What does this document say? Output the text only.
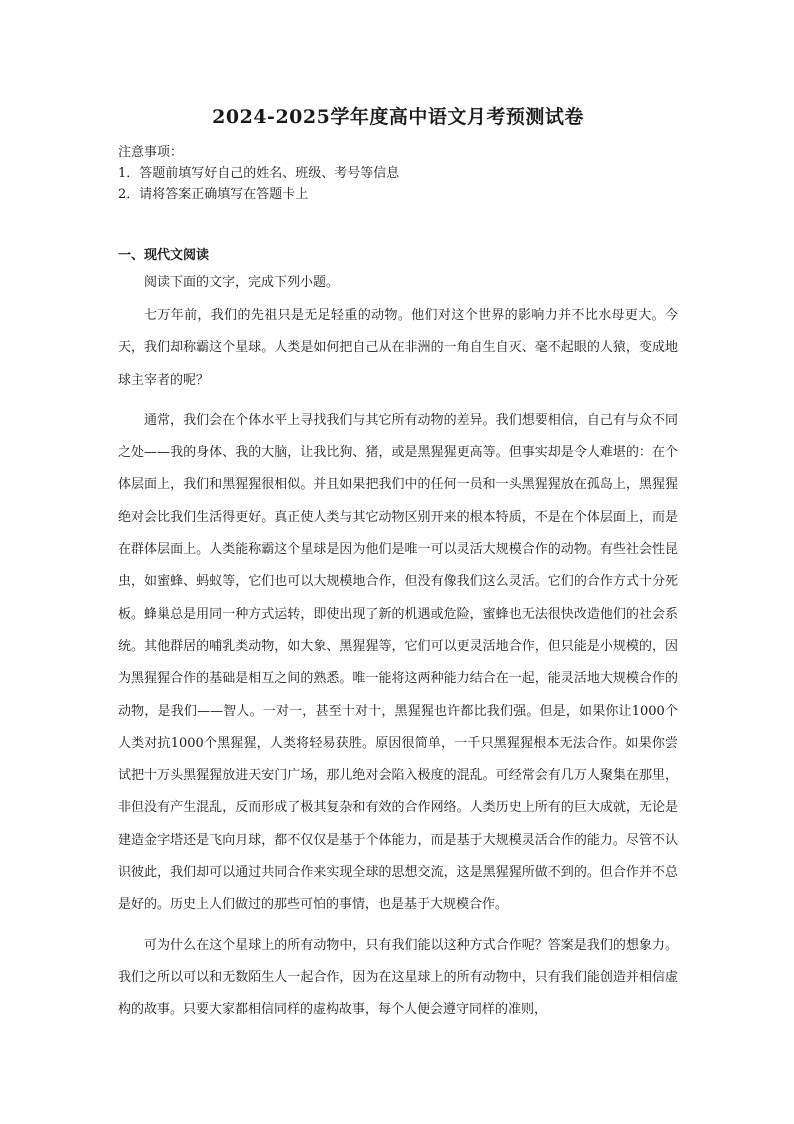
2024-2025学年度高中语文月考预测试卷

注意事项：

1．答题前填写好自己的姓名、班级、考号等信息

2．请将答案正确填写在答题卡上

一、现代文阅读

阅读下面的文字，完成下列小题。

七万年前，我们的先祖只是无足轻重的动物。他们对这个世界的影响力并不比水母更大。今天，我们却称霸这个星球。人类是如何把自己从在非洲的一角自生自灭、毫不起眼的人猿，变成地球主宰者的呢？

通常，我们会在个体水平上寻找我们与其它所有动物的差异。我们想要相信，自己有与众不同之处——我的身体、我的大脑，让我比狗、猪，或是黑猩猩更高等。但事实却是令人难堪的：在个体层面上，我们和黑猩猩很相似。并且如果把我们中的任何一员和一头黑猩猩放在孤岛上，黑猩猩绝对会比我们生活得更好。真正使人类与其它动物区别开来的根本特质，不是在个体层面上，而是在群体层面上。人类能称霸这个星球是因为他们是唯一可以灵活大规模合作的动物。有些社会性昆虫，如蜜蜂、蚂蚁等，它们也可以大规模地合作，但没有像我们这么灵活。它们的合作方式十分死板。蜂巢总是用同一种方式运转，即使出现了新的机遇或危险，蜜蜂也无法很快改造他们的社会系统。其他群居的哺乳类动物，如大象、黑猩猩等，它们可以更灵活地合作，但只能是小规模的，因为黑猩猩合作的基础是相互之间的熟悉。唯一能将这两种能力结合在一起，能灵活地大规模合作的动物，是我们——智人。一对一，甚至十对十，黑猩猩也许都比我们强。但是，如果你让1000个人类对抗1000个黑猩猩，人类将轻易获胜。原因很简单，一千只黑猩猩根本无法合作。如果你尝试把十万头黑猩猩放进天安门广场，那儿绝对会陷入极度的混乱。可经常会有几万人聚集在那里，非但没有产生混乱，反而形成了极其复杂和有效的合作网络。人类历史上所有的巨大成就，无论是建造金字塔还是飞向月球，都不仅仅是基于个体能力，而是基于大规模灵活合作的能力。尽管不认识彼此，我们却可以通过共同合作来实现全球的思想交流，这是黑猩猩所做不到的。但合作并不总是好的。历史上人们做过的那些可怕的事情，也是基于大规模合作。

可为什么在这个星球上的所有动物中，只有我们能以这种方式合作呢？答案是我们的想象力。我们之所以可以和无数陌生人一起合作，因为在这星球上的所有动物中，只有我们能创造并相信虚构的故事。只要大家都相信同样的虚构故事，每个人便会遵守同样的准则，
